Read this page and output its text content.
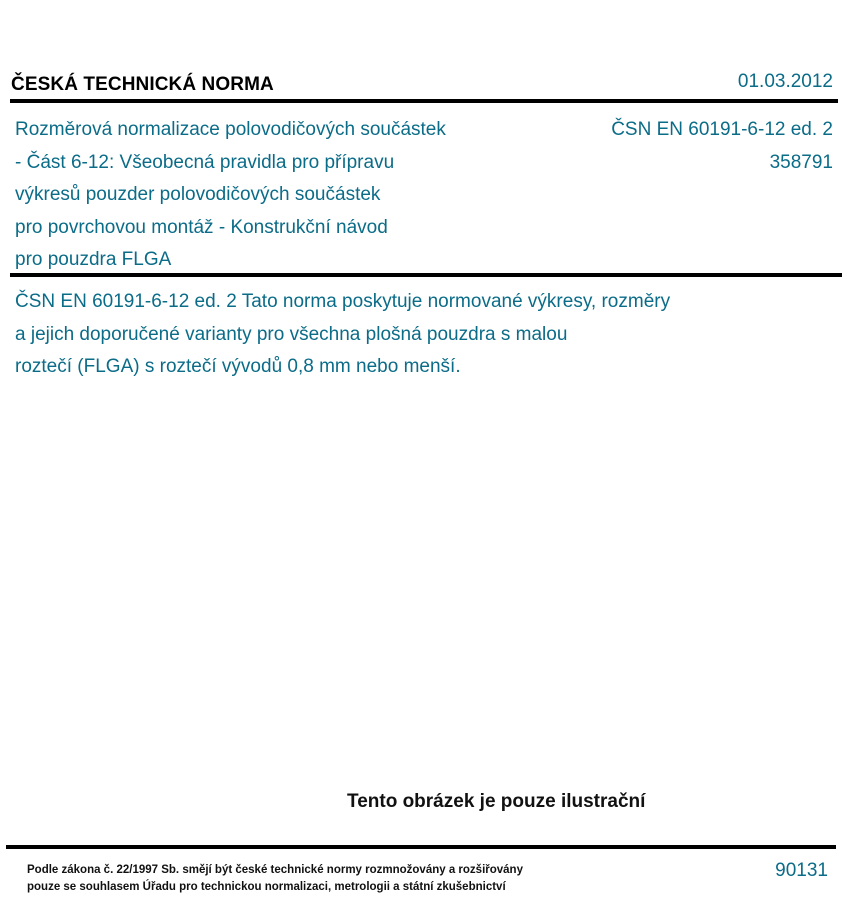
ČESKÁ TECHNICKÁ NORMA	01.03.2012
Rozměrová normalizace polovodičových součástek
- Část 6-12: Všeobecná pravidla pro přípravu
výkresů pouzder polovodičových součástek
pro povrchovou montáž - Konstrukční návod
pro pouzdra FLGA
ČSN EN 60191-6-12 ed. 2
358791
ČSN EN 60191-6-12 ed. 2 Tato norma poskytuje normované výkresy, rozměry
a jejich doporučené varianty pro všechna plošná pouzdra s malou
roztečí (FLGA) s roztečí vývodů 0,8 mm nebo menší.
Tento obrázek je pouze ilustrační
Podle zákona č. 22/1997 Sb. smějí být české technické normy rozmnožovány a rozšiřovány
pouze se souhlasem Úřadu pro technickou normalizaci, metrologii a státní zkušebnictví
90131
